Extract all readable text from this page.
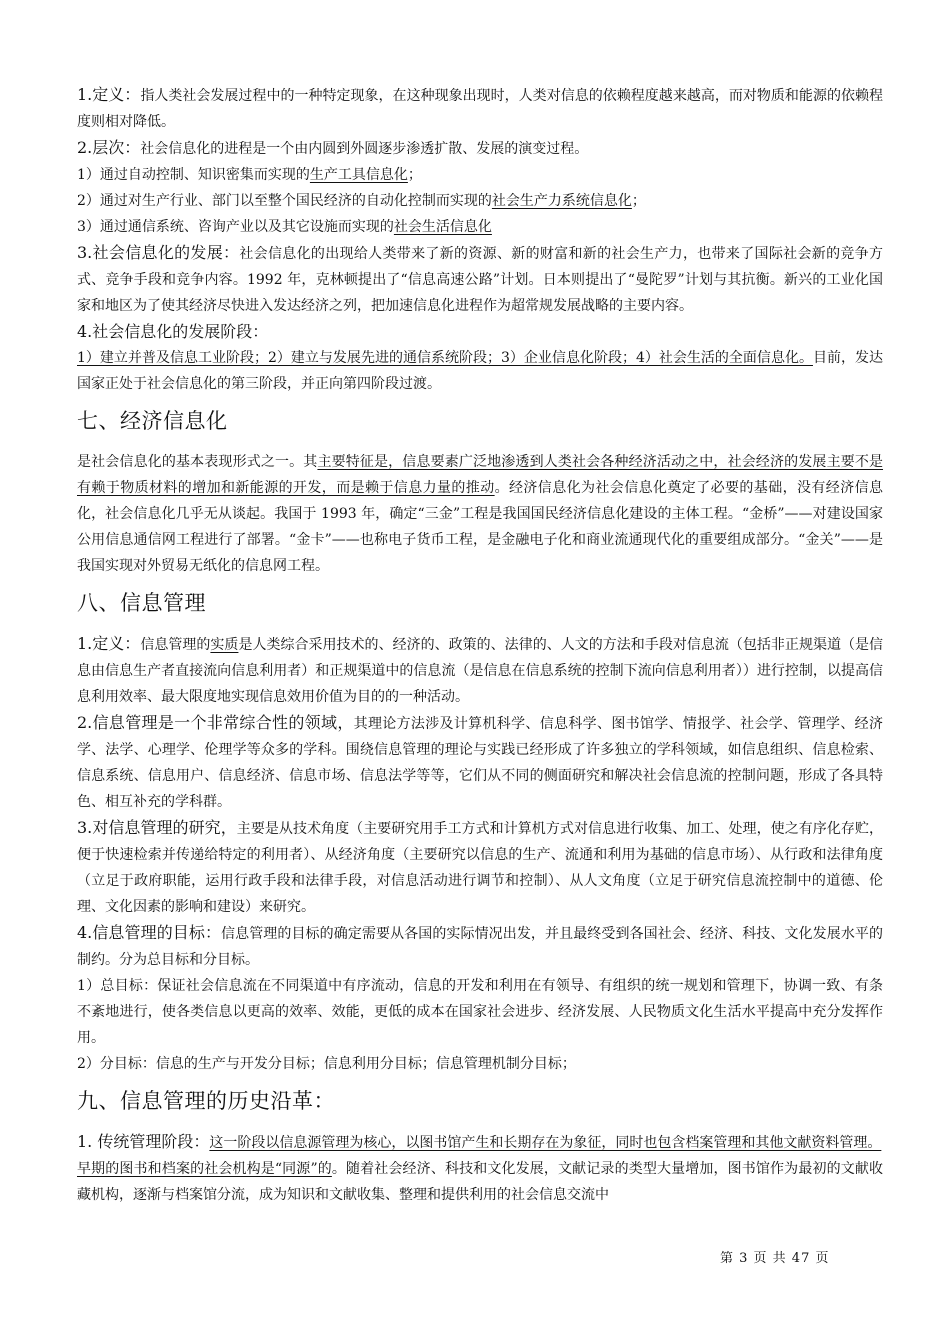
1.定义：指人类社会发展过程中的一种特定现象，在这种现象出现时，人类对信息的依赖程度越来越高，而对物质和能源的依赖程度则相对降低。

2.层次：社会信息化的进程是一个由内圆到外圆逐步渗透扩散、发展的演变过程。

1）通过自动控制、知识密集而实现的生产工具信息化；

2）通过对生产行业、部门以至整个国民经济的自动化控制而实现的社会生产力系统信息化；

3）通过通信系统、咨询产业以及其它设施而实现的社会生活信息化

3.社会信息化的发展：社会信息化的出现给人类带来了新的资源、新的财富和新的社会生产力，也带来了国际社会新的竞争方式、竞争手段和竞争内容。1992 年，克林顿提出了“信息高速公路”计划。日本则提出了“曼陀罗”计划与其抗衡。新兴的工业化国家和地区为了使其经济尽快进入发达经济之列，把加速信息化进程作为超常规发展战略的主要内容。

4.社会信息化的发展阶段：

1）建立并普及信息工业阶段；2）建立与发展先进的通信系统阶段；3）企业信息化阶段；4）社会生活的全面信息化。目前，发达国家正处于社会信息化的第三阶段，并正向第四阶段过渡。

七、经济信息化

是社会信息化的基本表现形式之一。其主要特征是，信息要素广泛地渗透到人类社会各种经济活动之中，社会经济的发展主要不是有赖于物质材料的增加和新能源的开发，而是赖于信息力量的推动。经济信息化为社会信息化奠定了必要的基础，没有经济信息化，社会信息化几乎无从谈起。我国于 1993 年，确定“三金”工程是我国国民经济信息化建设的主体工程。“金桥”——对建设国家公用信息通信网工程进行了部署。“金卡”——也称电子货币工程，是金融电子化和商业流通现代化的重要组成部分。“金关”——是我国实现对外贸易无纸化的信息网工程。

八、信息管理

1.定义：信息管理的实质是人类综合采用技术的、经济的、政策的、法律的、人文的方法和手段对信息流（包括非正规渠道（是信息由信息生产者直接流向信息利用者）和正规渠道中的信息流（是信息在信息系统的控制下流向信息利用者））进行控制，以提高信息利用效率、最大限度地实现信息效用价值为目的的一种活动。

2.信息管理是一个非常综合性的领域，其理论方法涉及计算机科学、信息科学、图书馆学、情报学、社会学、管理学、经济学、法学、心理学、伦理学等众多的学科。围绕信息管理的理论与实践已经形成了许多独立的学科领域，如信息组织、信息检索、信息系统、信息用户、信息经济、信息市场、信息法学等等，它们从不同的侧面研究和解决社会信息流的控制问题，形成了各具特色、相互补充的学科群。

3.对信息管理的研究，主要是从技术角度（主要研究用手工方式和计算机方式对信息进行收集、加工、处理，使之有序化存贮，便于快速检索并传递给特定的利用者）、从经济角度（主要研究以信息的生产、流通和利用为基础的信息市场）、从行政和法律角度（立足于政府职能，运用行政手段和法律手段，对信息活动进行调节和控制）、从人文角度（立足于研究信息流控制中的道德、伦理、文化因素的影响和建设）来研究。

4.信息管理的目标：信息管理的目标的确定需要从各国的实际情况出发，并且最终受到各国社会、经济、科技、文化发展水平的制约。分为总目标和分目标。

1）总目标：保证社会信息流在不同渠道中有序流动，信息的开发和利用在有领导、有组织的统一规划和管理下，协调一致、有条不紊地进行，使各类信息以更高的效率、效能，更低的成本在国家社会进步、经济发展、人民物质文化生活水平提高中充分发挥作用。

2）分目标：信息的生产与开发分目标；信息利用分目标；信息管理机制分目标；

九、信息管理的历史沿革：

1. 传统管理阶段：这一阶段以信息源管理为核心，以图书馆产生和长期存在为象征，同时也包含档案管理和其他文献资料管理。

早期的图书和档案的社会机构是“同源”的。随着社会经济、科技和文化发展，文献记录的类型大量增加，图书馆作为最初的文献收藏机构，逐渐与档案馆分流，成为知识和文献收集、整理和提供利用的社会信息交流中

第 3 页 共 47 页
